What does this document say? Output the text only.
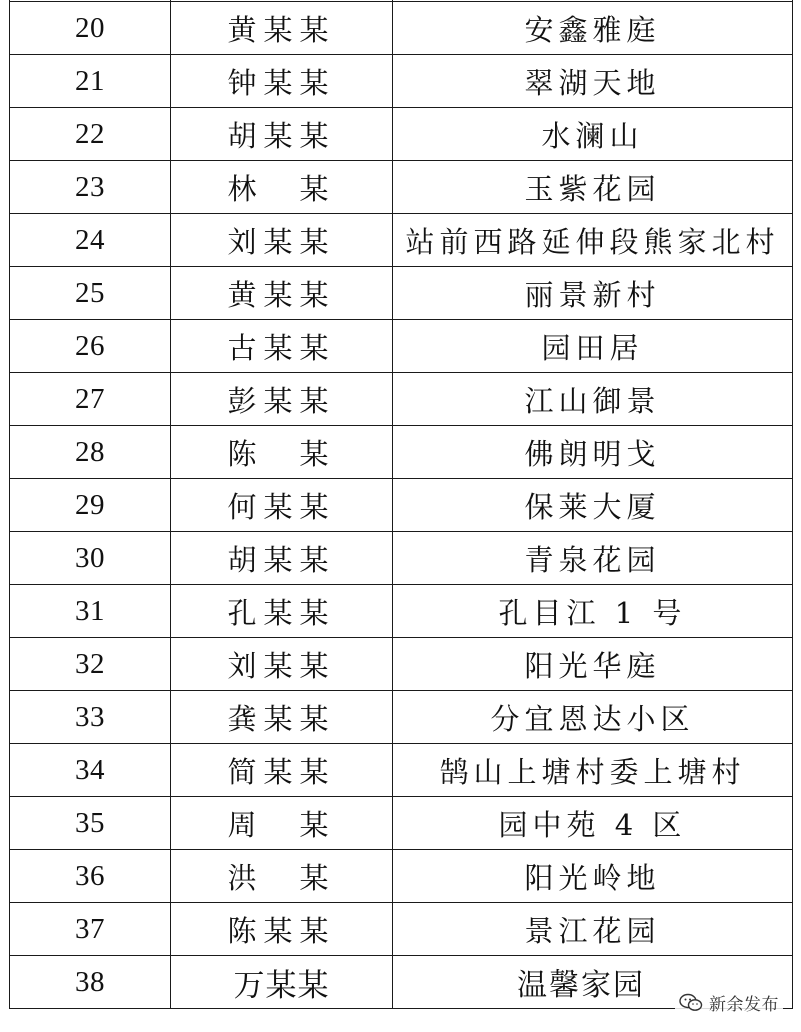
20	黄某某	安鑫雅庭
21	钟某某	翠湖天地
22	胡某某	水澜山
23	林　某	玉紫花园
24	刘某某	站前西路延伸段熊家北村
25	黄某某	丽景新村
26	古某某	园田居
27	彭某某	江山御景
28	陈　某	佛朗明戈
29	何某某	保莱大厦
30	胡某某	青泉花园
31	孔某某	孔目江 1 号
32	刘某某	阳光华庭
33	龚某某	分宜恩达小区
34	简某某	鹄山上塘村委上塘村
35	周　某	园中苑 4 区
36	洪　某	阳光岭地
37	陈某某	景江花园
38	万某某	温馨家园
新余发布
